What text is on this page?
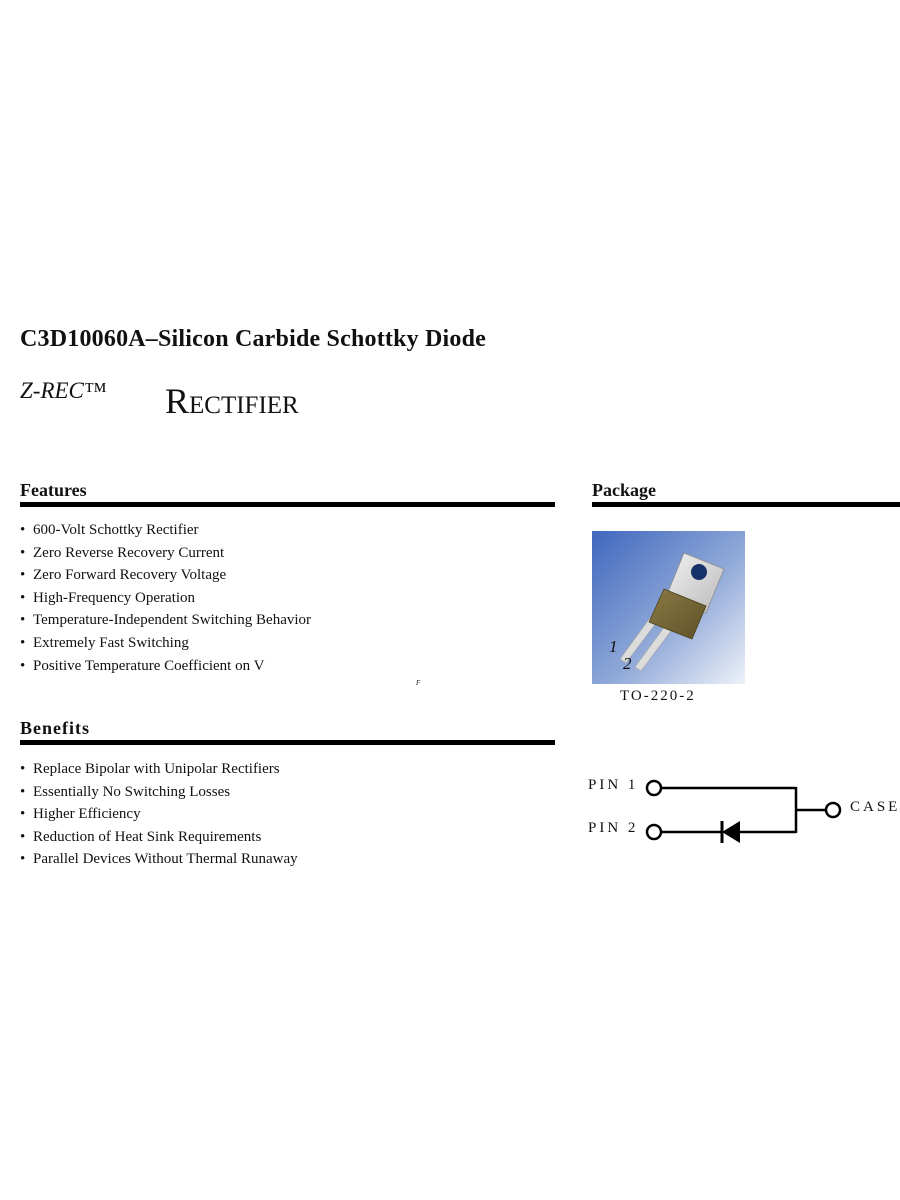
C3D10060A–Silicon Carbide Schottky Diode
Z-REC™ Rectifier
Features
• 600-Volt Schottky Rectifier
• Zero Reverse Recovery Current
• Zero Forward Recovery Voltage
• High-Frequency Operation
• Temperature-Independent Switching Behavior
• Extremely Fast Switching
• Positive Temperature Coefficient on V
F
Benefits
• Replace Bipolar with Unipolar Rectifiers
• Essentially No Switching Losses
• Higher Efficiency
• Reduction of Heat Sink Requirements
• Parallel Devices Without Thermal Runaway
Package
1
2
TO-220-2
PIN 1
PIN 2
CASE
